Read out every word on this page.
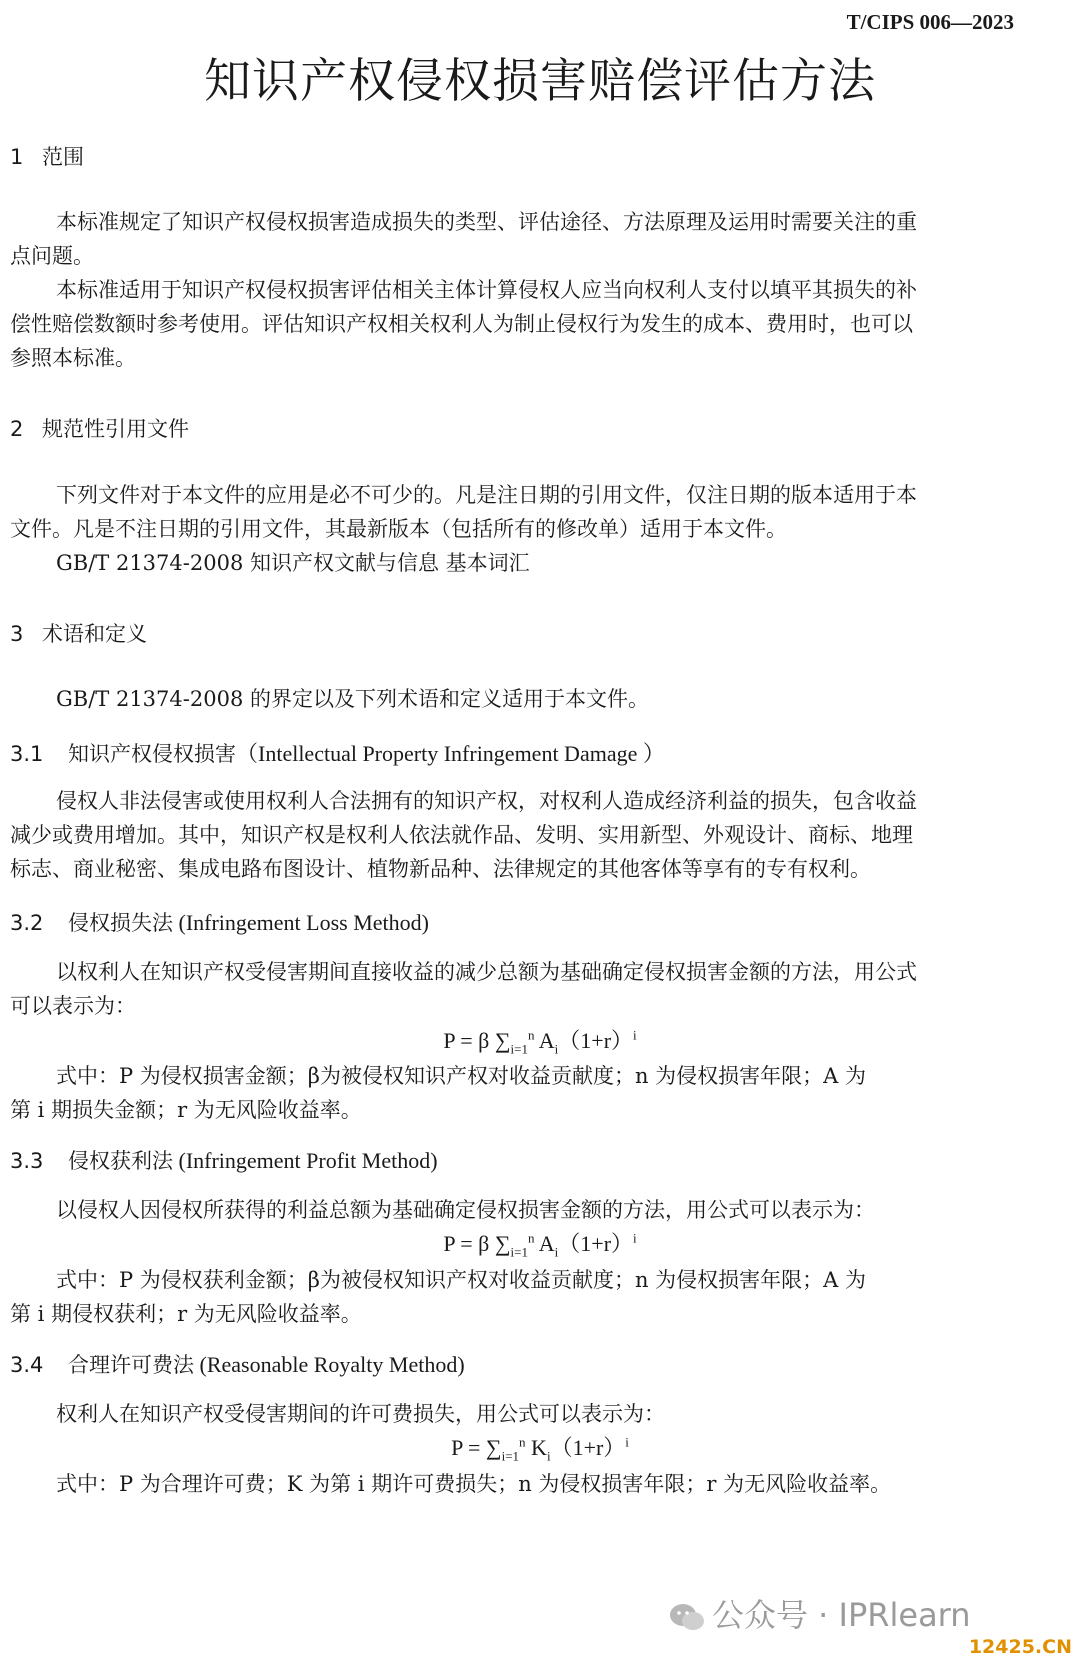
T/CIPS 006—2023
知识产权侵权损害赔偿评估方法
1 范围
本标准规定了知识产权侵权损害造成损失的类型、评估途径、方法原理及运用时需要关注的重
点问题。
本标准适用于知识产权侵权损害评估相关主体计算侵权人应当向权利人支付以填平其损失的补
偿性赔偿数额时参考使用。评估知识产权相关权利人为制止侵权行为发生的成本、费用时，也可以
参照本标准。
2 规范性引用文件
下列文件对于本文件的应用是必不可少的。凡是注日期的引用文件，仅注日期的版本适用于本
文件。凡是不注日期的引用文件，其最新版本（包括所有的修改单）适用于本文件。
GB/T 21374-2008 知识产权文献与信息 基本词汇
3 术语和定义
GB/T 21374-2008 的界定以及下列术语和定义适用于本文件。
3.1 知识产权侵权损害（Intellectual Property Infringement Damage ）
侵权人非法侵害或使用权利人合法拥有的知识产权，对权利人造成经济利益的损失，包含收益
减少或费用增加。其中，知识产权是权利人依法就作品、发明、实用新型、外观设计、商标、地理
标志、商业秘密、集成电路布图设计、植物新品种、法律规定的其他客体等享有的专有权利。
3.2 侵权损失法 (Infringement Loss Method)
以权利人在知识产权受侵害期间直接收益的减少总额为基础确定侵权损害金额的方法，用公式
可以表示为：
P = β $\sum_{i=1}^n$ $A_i(1+r)^i$
式中：P 为侵权损害金额；β为被侵权知识产权对收益贡献度；n 为侵权损害年限；A 为
第 i 期损失金额；r 为无风险收益率。
3.3 侵权获利法 (Infringement Profit Method)
以侵权人因侵权所获得的利益总额为基础确定侵权损害金额的方法，用公式可以表示为：
P = β $\sum_{i=1}^n$ $A_i(1+r)^i$
式中：P 为侵权获利金额；β为被侵权知识产权对收益贡献度；n 为侵权损害年限；A 为
第 i 期侵权获利；r 为无风险收益率。
3.4 合理许可费法 (Reasonable Royalty Method)
权利人在知识产权受侵害期间的许可费损失，用公式可以表示为：
$P = \sum_{i=1}^n$ $K_i(1+r)^i$
式中：P 为合理许可费；K 为第 i 期许可费损失；n 为侵权损害年限；r 为无风险收益率。
公众号 · IPRlearn
12425.CN
